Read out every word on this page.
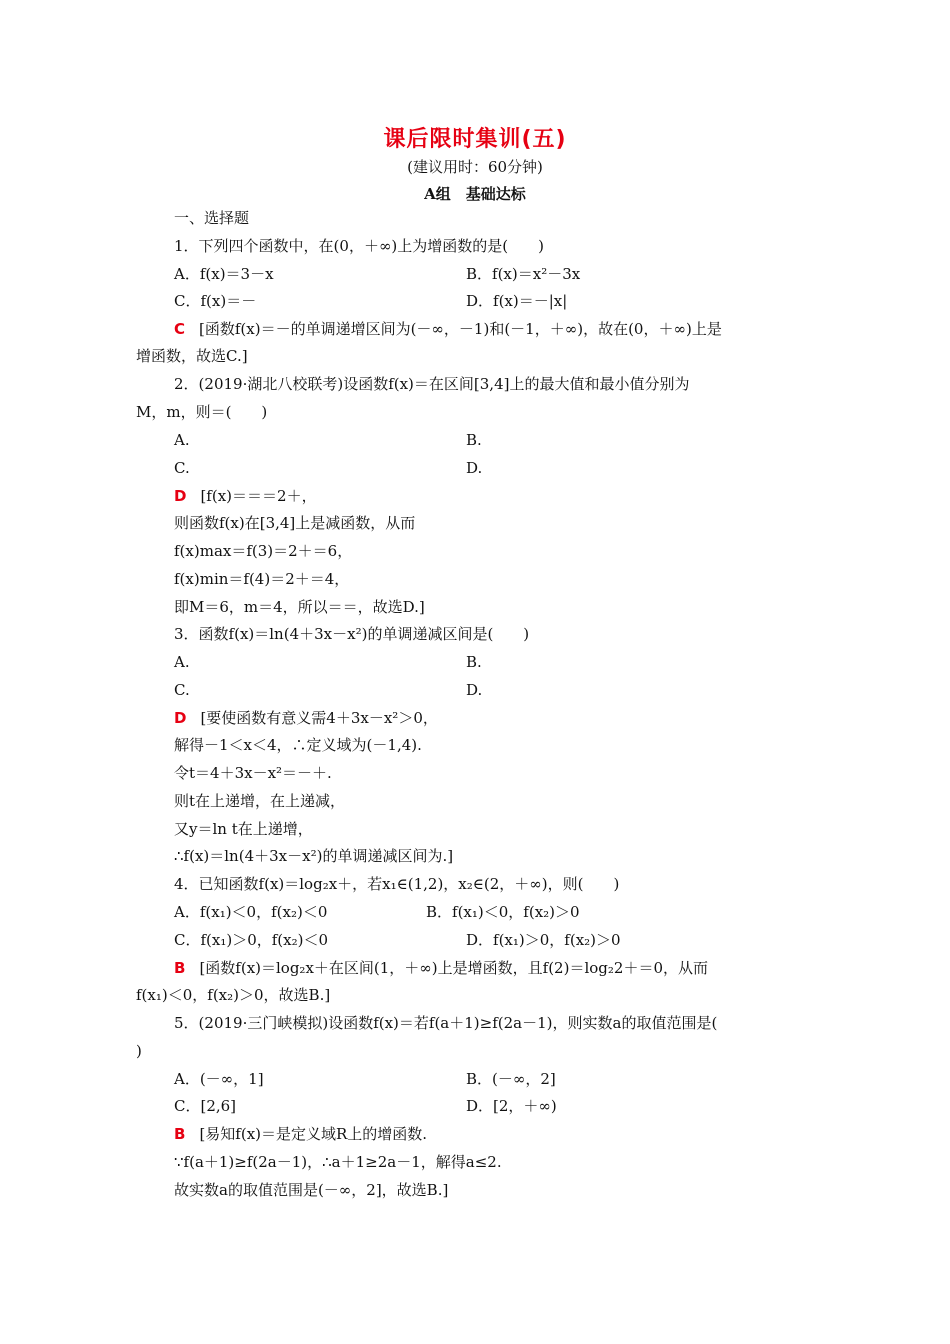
课后限时集训(五)
(建议用时：60分钟)
A组　基础达标
一、选择题
1．下列四个函数中，在(0，＋∞)上为增函数的是(　　)
A．f(x)＝3－x	B．f(x)＝x²－3x
C．f(x)＝－	D．f(x)＝－|x|
C [函数f(x)＝－的单调递增区间为(－∞，－1)和(－1，＋∞)，故在(0，＋∞)上是
增函数，故选C.]
2．(2019·湖北八校联考)设函数f(x)＝在区间[3,4]上的最大值和最小值分别为
M，m，则＝(　　)
A.	B.
C.	D.
D [f(x)＝＝＝2＋，
则函数f(x)在[3,4]上是减函数，从而
f(x)max＝f(3)＝2＋＝6，
f(x)min＝f(4)＝2＋＝4，
即M＝6，m＝4，所以＝＝，故选D.]
3．函数f(x)＝ln(4＋3x－x²)的单调递减区间是(　　)
A.	B.
C.	D.
D [要使函数有意义需4＋3x－x²＞0，
解得－1＜x＜4，∴定义域为(－1,4).
令t＝4＋3x－x²＝－＋.
则t在上递增，在上递减，
又y＝ln t在上递增，
∴f(x)＝ln(4＋3x－x²)的单调递减区间为.]
4．已知函数f(x)＝log₂x＋，若x₁∈(1,2)，x₂∈(2，＋∞)，则(　　)
A．f(x₁)＜0，f(x₂)＜0	B．f(x₁)＜0，f(x₂)＞0
C．f(x₁)＞0，f(x₂)＜0	D．f(x₁)＞0，f(x₂)＞0
B [函数f(x)＝log₂x＋在区间(1，＋∞)上是增函数，且f(2)＝log₂2＋＝0，从而
f(x₁)＜0，f(x₂)＞0，故选B.]
5．(2019·三门峡模拟)设函数f(x)＝若f(a＋1)≥f(2a－1)，则实数a的取值范围是(
)
A．(－∞，1]	B．(－∞，2]
C．[2,6]	D．[2，＋∞)
B [易知f(x)＝是定义域R上的增函数.
∵f(a＋1)≥f(2a－1)，∴a＋1≥2a－1，解得a≤2.
故实数a的取值范围是(－∞，2]，故选B.]
